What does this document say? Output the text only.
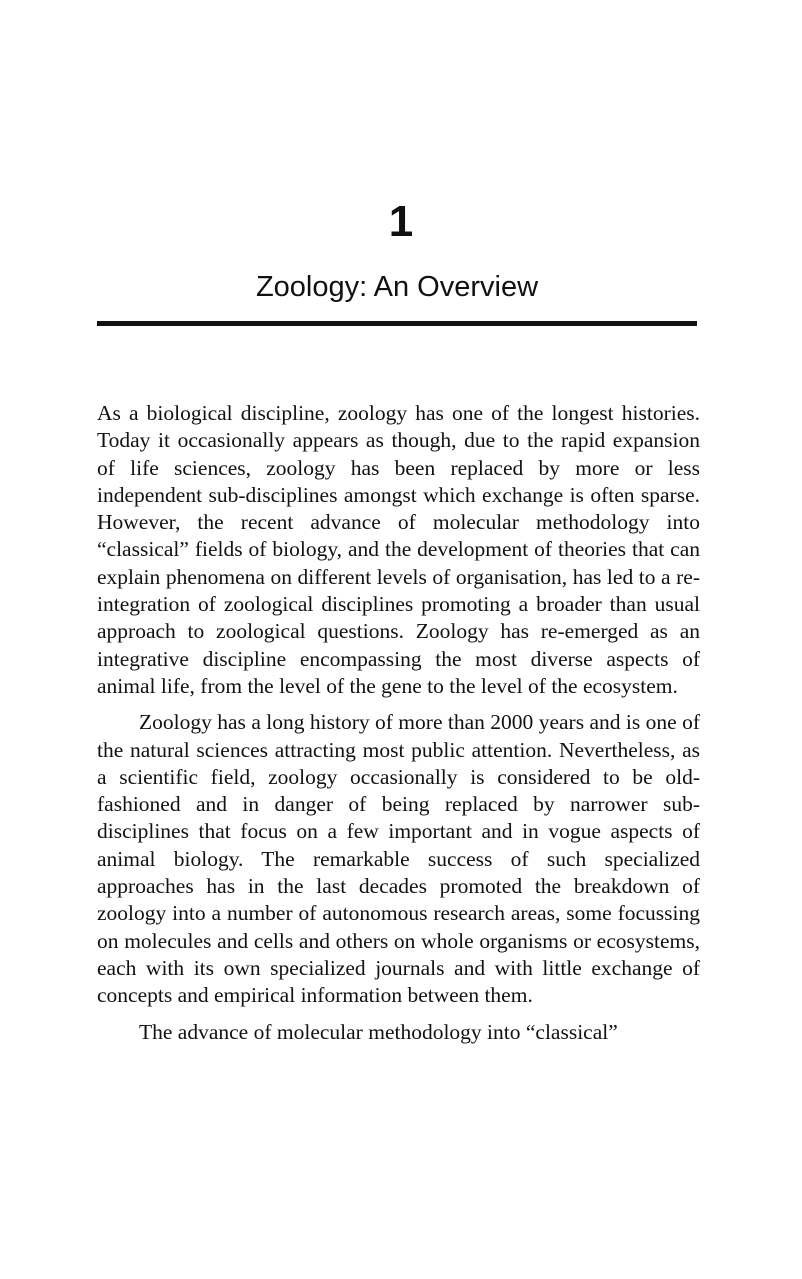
1
Zoology: An Overview

As a biological discipline, zoology has one of the longest histories. Today it occasionally appears as though, due to the rapid expansion of life sciences, zoology has been replaced by more or less independent sub-disciplines amongst which exchange is often sparse. However, the recent advance of molecular methodology into “classical” fields of biology, and the development of theories that can explain phenomena on different levels of organisation, has led to a re-integration of zoological disciplines promoting a broader than usual approach to zoological questions. Zoology has re-emerged as an integrative discipline encompassing the most diverse aspects of animal life, from the level of the gene to the level of the ecosystem.

Zoology has a long history of more than 2000 years and is one of the natural sciences attracting most public attention. Nevertheless, as a scientific field, zoology occasionally is considered to be old-fashioned and in danger of being replaced by narrower sub-disciplines that focus on a few important and in vogue aspects of animal biology. The remarkable success of such specialized approaches has in the last decades promoted the breakdown of zoology into a number of autonomous research areas, some focussing on molecules and cells and others on whole organisms or ecosystems, each with its own specialized journals and with little exchange of concepts and empirical information between them.

The advance of molecular methodology into “classical”
